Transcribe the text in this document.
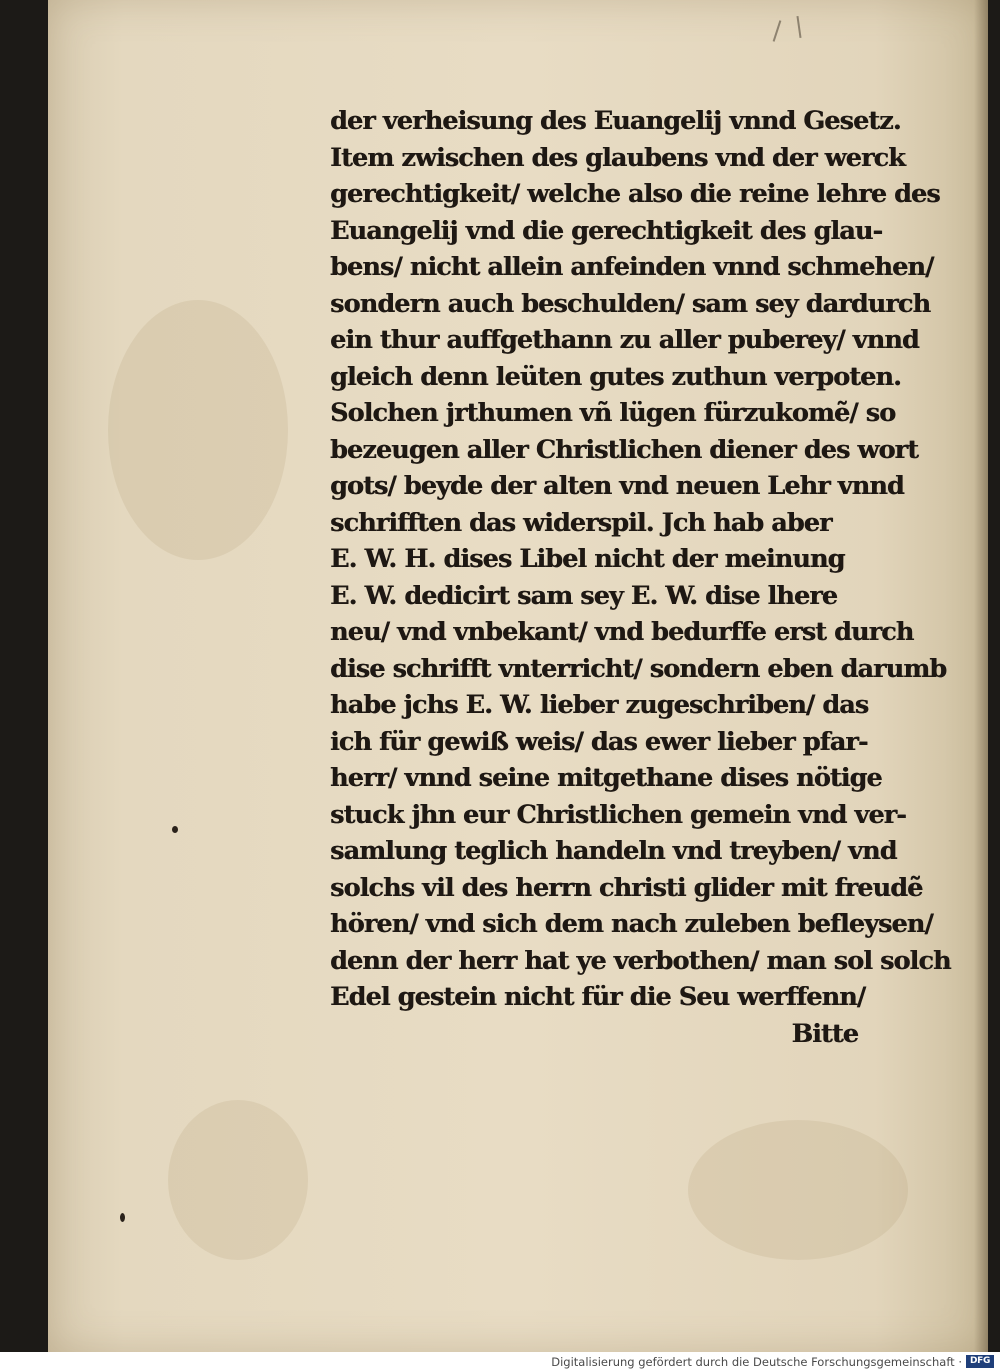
der verheisung des Euangelij vnnd Gesetz.
Item zwischen des glaubens vnd der werck
gerechtigkeit/ welche also die reine lehre des
Euangelij vnd die gerechtigkeit des glau-
bens/ nicht allein anfeinden vnnd schmehen/
sondern auch beschulden/ sam sey dardurch
ein thur auffgethann zu aller puberey/ vnnd
gleich denn leüten gutes zuthun verpoten.
Solchen jrthumen vñ lügen fürzukomẽ/ so
bezeugen aller Christlichen diener des wort
gots/ beyde der alten vnd neuen Lehr vnnd
schrifften das widerspil. Jch hab aber
E. W. H. dises Libel nicht der meinung
E. W. dedicirt sam sey E. W. dise lhere
neu/ vnd vnbekant/ vnd bedurffe erst durch
dise schrifft vnterricht/ sondern eben darumb
habe jchs E. W. lieber zugeschriben/ das
ich für gewiß weis/ das ewer lieber pfar-
herr/ vnnd seine mitgethane dises nötige
stuck jhn eur Christlichen gemein vnd ver-
samlung teglich handeln vnd treyben/ vnd
solchs vil des herrn christi glider mit freudẽ
hören/ vnd sich dem nach zuleben befleysen/
denn der herr hat ye verbothen/ man sol solch
Edel gestein nicht für die Seu werffenn/
Bitte
Digitalisierung gefördert durch die Deutsche Forschungsgemeinschaft · DFG
